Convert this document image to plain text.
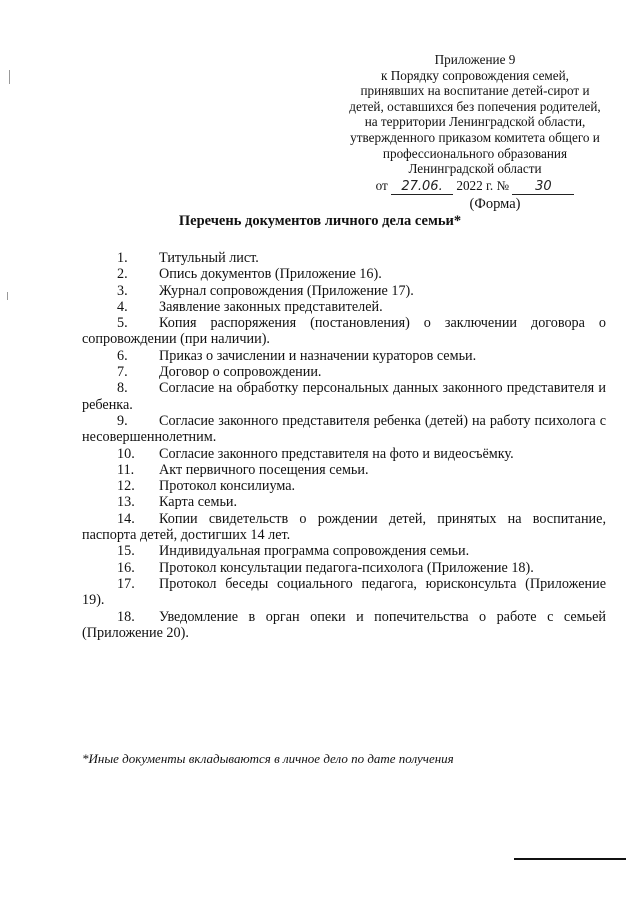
Приложение 9
к Порядку сопровождения семей,
принявших на воспитание детей-сирот и
детей, оставшихся без попечения родителей,
на территории Ленинградской области,
утвержденного приказом комитета общего и
профессионального образования
Ленинградской области
от 27.06. 2022 г. № 30
(Форма)
Перечень документов личного дела семьи*
1. Титульный лист.
2. Опись документов (Приложение 16).
3. Журнал сопровождения (Приложение 17).
4. Заявление законных представителей.
5. Копия распоряжения (постановления) о заключении договора о сопровождении (при наличии).
6. Приказ о зачислении и назначении кураторов семьи.
7. Договор о сопровождении.
8. Согласие на обработку персональных данных законного представителя и ребенка.
9. Согласие законного представителя ребенка (детей) на работу психолога с несовершеннолетним.
10. Согласие законного представителя на фото и видеосъёмку.
11. Акт первичного посещения семьи.
12. Протокол консилиума.
13. Карта семьи.
14. Копии свидетельств о рождении детей, принятых на воспитание, паспорта детей, достигших 14 лет.
15. Индивидуальная программа сопровождения семьи.
16. Протокол консультации педагога-психолога (Приложение 18).
17. Протокол беседы социального педагога, юрисконсульта (Приложение 19).
18. Уведомление в орган опеки и попечительства о работе с семьей (Приложение 20).
*Иные документы вкладываются в личное дело по дате получения
